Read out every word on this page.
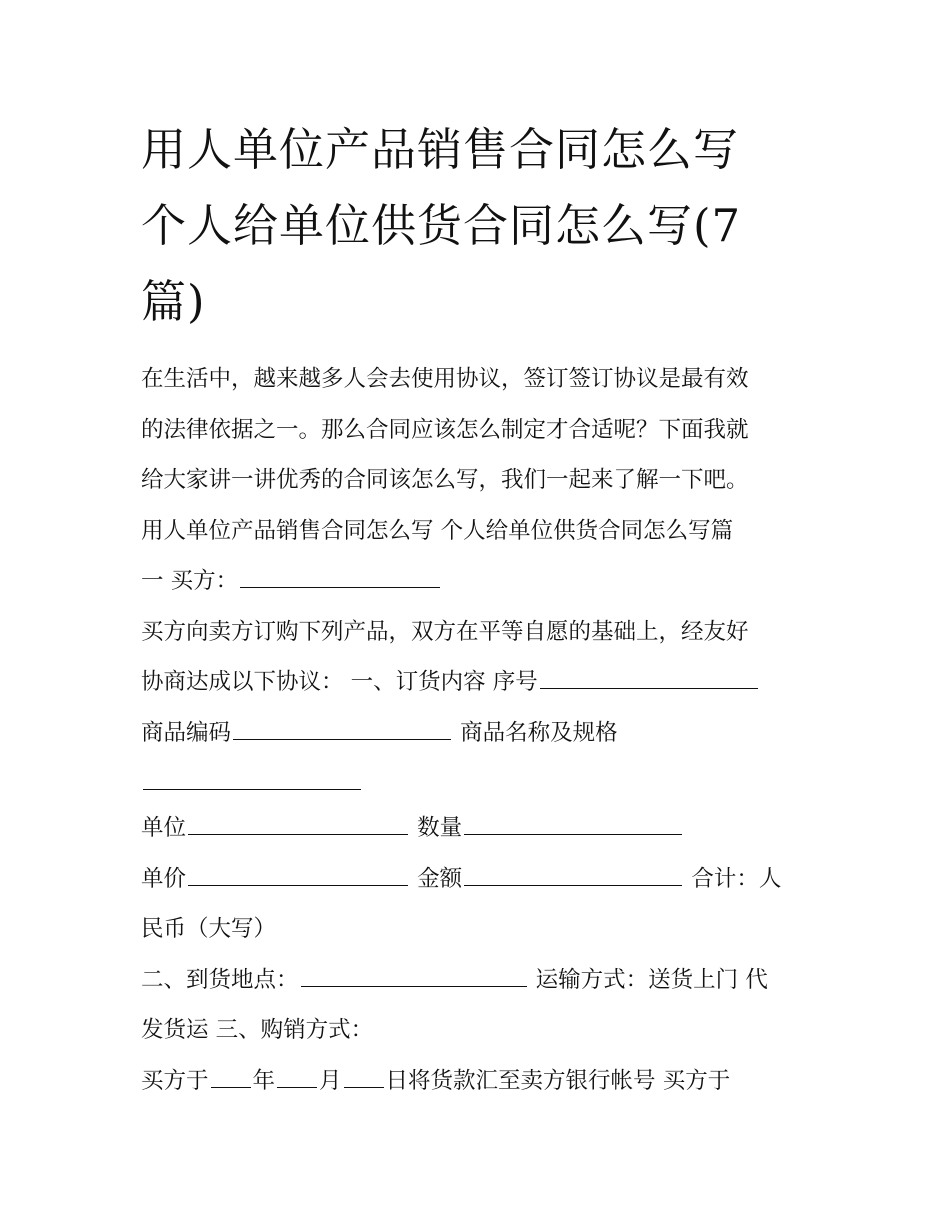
用人单位产品销售合同怎么写
个人给单位供货合同怎么写(7
篇)
在生活中，越来越多人会去使用协议，签订签订协议是最有效
的法律依据之一。那么合同应该怎么制定才合适呢？下面我就
给大家讲一讲优秀的合同该怎么写，我们一起来了解一下吧。
用人单位产品销售合同怎么写 个人给单位供货合同怎么写篇
一 买方：
买方向卖方订购下列产品，双方在平等自愿的基础上，经友好
协商达成以下协议： 一、订货内容 序号
商品编码	商品名称及规格
单位	数量
单价	金额	合计：人
民币（大写）
二、到货地点：	运输方式：送货上门 代
发货运 三、购销方式：
买方于 年 月 日将货款汇至卖方银行帐号 买方于
